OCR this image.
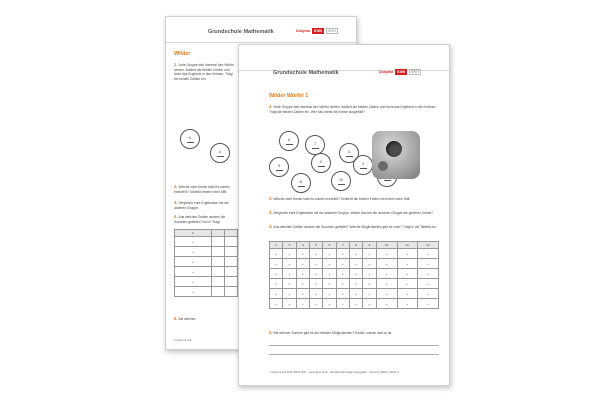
Grundschule Mathematik	Dusyma	KiWi	WWI
Wilder
1.Jede Gruppe darf zweimal den Würfel werfen. Addiert die beiden Zahlen und tucht das Ergebnis in den Kreisen. Trägt die beiden Zahlen ein.
6
5
2.Welche zwei Kreise habt ihr zuletzt erwürfelt? Schließt einem roten Stift.
3.Vergleicht eure Ergebnisse mit der anderen Gruppe.
4.Aus welchen Zahlen wurden die Summen gebildet? noch? Tragt
2		
+		
+		
+		
+		
+		
+		
5.Bei welcher
© Dusyma und
Grundschule Mathematik	Dusyma	KiWi	WWI
Wilder Würfel 1
1.Jede Gruppe darf zweimal den Würfel werfen. Addiert die beiden Zahlen und tucht das Ergebnis in den Kreisen. Trägt die beiden Zahlen ein. Wer hat zuerst die Kreise ausgefüllt?
6
7
4
5
9
11	10
3
2.Welche zwei Kreise habt ihr zuletzt erwürfelt? Schließt die beiden Felder mit einem roten Stift.
3.Vergleicht eure Ergebnisse mit der anderen Gruppe. Waren das bei der anderen Gruppe die gleichen Kreise?
4.Aus welchen Zahlen wurden die Summen gebildet? Welche Möglichkeiten gibt es noch? Tragt in die Tabelle ein.
2	3	4	5	6	7	8	9	10	11	12
+	+	+	+	+	+	+	+	+	+	+
+	+	+	+	+	+	+	+	+	+	+
+	+	+	+	+	+	+	+	+	+	+
+	+	+	+	+	+	+	+	+	+	+
+	+	+	+	+	+	+	+	+	+	+
+	+	+	+	+	+	+	+	+	+	+
5.Bei welcher Summe gibt es die meisten Möglichkeiten? Erklärt, warum das so ist.
© Dusyma und KiWi WWIT 2017 · www.dusyma.de · Alle Materialvorlage freigegeben · Dusyma_Wilder_Würfel_1
